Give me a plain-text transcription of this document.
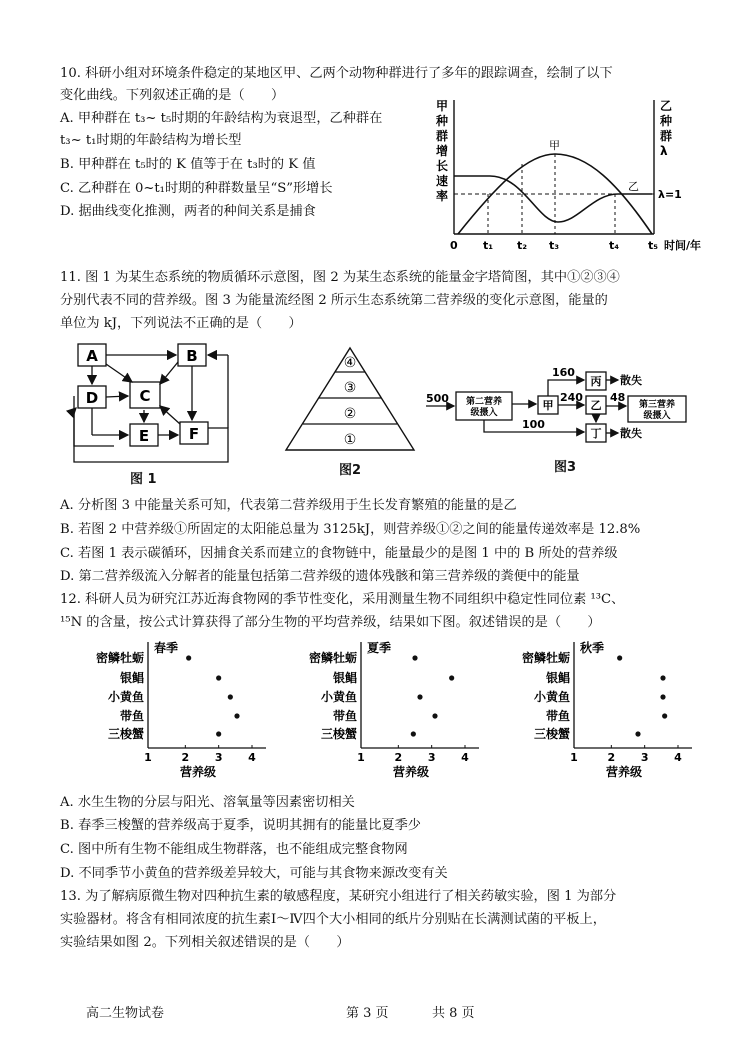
10. 科研小组对环境条件稳定的某地区甲、乙两个动物种群进行了多年的跟踪调查，绘制了以下
变化曲线。下列叙述正确的是（　　）
A. 甲种群在 t₃~ t₅时期的年龄结构为衰退型，乙种群在
t₃~ t₁时期的年龄结构为增长型
B. 甲种群在 t₅时的 K 值等于在 t₃时的 K 值
C. 乙种群在 0~t₁时期的种群数量呈“S”形增长
D. 据曲线变化推测，两者的种间关系是捕食
甲
种
群
增
长
速
率
乙
种
群
λ
λ=1
甲
乙
0 t₁ t₂ t₃	t₄	t₅ 时间/年
11. 图 1 为某生态系统的物质循环示意图，图 2 为某生态系统的能量金字塔简图，其中①②③④
分别代表不同的营养级。图 3 为能量流经图 2 所示生态系统第二营养级的变化示意图，能量的
单位为 kJ，下列说法不正确的是（　　）
A	B
D	C
E	F
图 1
④
③
②
①
图2
500 第二营养
级摄入
甲
丙
乙
丁
160
240 48
100
散失
散失
第三营养
级摄入
图3
A. 分析图 3 中能量关系可知，代表第二营养级用于生长发育繁殖的能量的是乙
B. 若图 2 中营养级①所固定的太阳能总量为 3125kJ，则营养级①②之间的能量传递效率是 12.8%
C. 若图 1 表示碳循环，因捕食关系而建立的食物链中，能量最少的是图 1 中的 B 所处的营养级
D. 第二营养级流入分解者的能量包括第二营养级的遗体残骸和第三营养级的粪便中的能量
12. 科研人员为研究江苏近海食物网的季节性变化，采用测量生物不同组织中稳定性同位素 ¹³C、
¹⁵N 的含量，按公式计算获得了部分生物的平均营养级，结果如下图。叙述错误的是（　　）
春季
密鳞牡蛎
银鲳
小黄鱼
带鱼
三梭蟹
1	2 3 4
营养级
夏季
密鳞牡蛎
银鲳
小黄鱼
带鱼
三梭蟹
1	2 3 4
营养级
秋季
密鳞牡蛎
银鲳
小黄鱼
带鱼
三梭蟹
1	2 3 4
营养级
A. 水生生物的分层与阳光、溶氧量等因素密切相关
B. 春季三梭蟹的营养级高于夏季，说明其拥有的能量比夏季少
C. 图中所有生物不能组成生物群落，也不能组成完整食物网
D. 不同季节小黄鱼的营养级差异较大，可能与其食物来源改变有关
13. 为了解病原微生物对四种抗生素的敏感程度，某研究小组进行了相关药敏实验，图 1 为部分
实验器材。将含有相同浓度的抗生素Ⅰ～Ⅳ四个大小相同的纸片分别贴在长满测试菌的平板上，
实验结果如图 2。下列相关叙述错误的是（　　）
高二生物试卷	第 3 页	共 8 页
